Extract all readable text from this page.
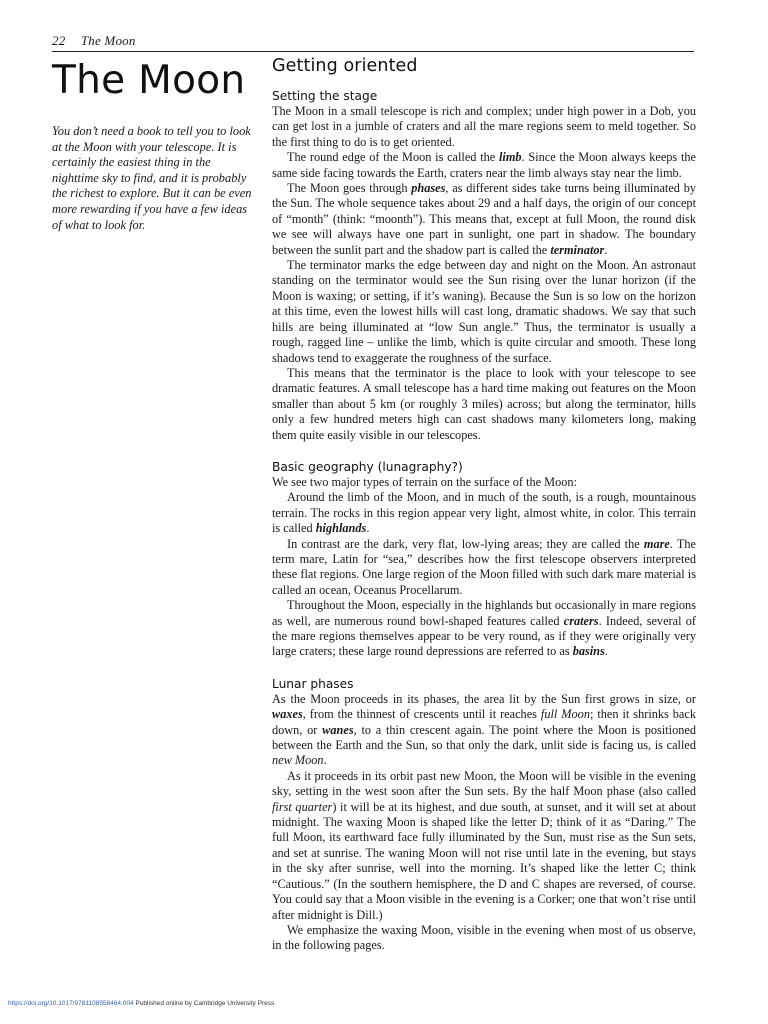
22 The Moon
The Moon

You don’t need a book to tell you to look at the Moon with your telescope. It is certainly the easiest thing in the nighttime sky to find, and it is probably the richest to explore. But it can be even more rewarding if you have a few ideas of what to look for.

Getting oriented
Setting the stage

The Moon in a small telescope is rich and complex; under high power in a Dob, you can get lost in a jumble of craters and all the mare regions seem to meld together. So the first thing to do is to get oriented.

The round edge of the Moon is called the limb. Since the Moon always keeps the same side facing towards the Earth, craters near the limb always stay near the limb.

The Moon goes through phases, as different sides take turns being illuminated by the Sun. The whole sequence takes about 29 and a half days, the origin of our concept of “month” (think: “moonth”). This means that, except at full Moon, the round disk we see will always have one part in sunlight, one part in shadow. The boundary between the sunlit part and the shadow part is called the terminator.

The terminator marks the edge between day and night on the Moon. An astronaut standing on the terminator would see the Sun rising over the lunar horizon (if the Moon is waxing; or setting, if it’s waning). Because the Sun is so low on the horizon at this time, even the lowest hills will cast long, dramatic shadows. We say that such hills are being illuminated at “low Sun angle.” Thus, the terminator is usually a rough, ragged line – unlike the limb, which is quite circular and smooth. These long shadows tend to exaggerate the roughness of the surface.

This means that the terminator is the place to look with your telescope to see dramatic features. A small telescope has a hard time making out features on the Moon smaller than about 5 km (or roughly 3 miles) across; but along the terminator, hills only a few hundred meters high can cast shadows many kilometers long, making them quite easily visible in our telescopes.

Basic geography (lunagraphy?)

We see two major types of terrain on the surface of the Moon:

Around the limb of the Moon, and in much of the south, is a rough, mountainous terrain. The rocks in this region appear very light, almost white, in color. This terrain is called highlands.

In contrast are the dark, very flat, low-lying areas; they are called the mare. The term mare, Latin for “sea,” describes how the first telescope observers interpreted these flat regions. One large region of the Moon filled with such dark mare material is called an ocean, Oceanus Procellarum.

Throughout the Moon, especially in the highlands but occasionally in mare regions as well, are numerous round bowl-shaped features called craters. Indeed, several of the mare regions themselves appear to be very round, as if they were originally very large craters; these large round depressions are referred to as basins.

Lunar phases

As the Moon proceeds in its phases, the area lit by the Sun first grows in size, or waxes, from the thinnest of crescents until it reaches full Moon; then it shrinks back down, or wanes, to a thin crescent again. The point where the Moon is positioned between the Earth and the Sun, so that only the dark, unlit side is facing us, is called new Moon.

As it proceeds in its orbit past new Moon, the Moon will be visible in the evening sky, setting in the west soon after the Sun sets. By the half Moon phase (also called first quarter) it will be at its highest, and due south, at sunset, and it will set at about midnight. The waxing Moon is shaped like the letter D; think of it as “Daring.” The full Moon, its earthward face fully illuminated by the Sun, must rise as the Sun sets, and set at sunrise. The waning Moon will not rise until late in the evening, but stays in the sky after sunrise, well into the morning. It’s shaped like the letter C; think “Cautious.” (In the southern hemisphere, the D and C shapes are reversed, of course. You could say that a Moon visible in the evening is a Corker; one that won’t rise until after midnight is Dill.)

We emphasize the waxing Moon, visible in the evening when most of us observe, in the following pages.

https://doi.org/10.1017/9781108558464.004 Published online by Cambridge University Press
